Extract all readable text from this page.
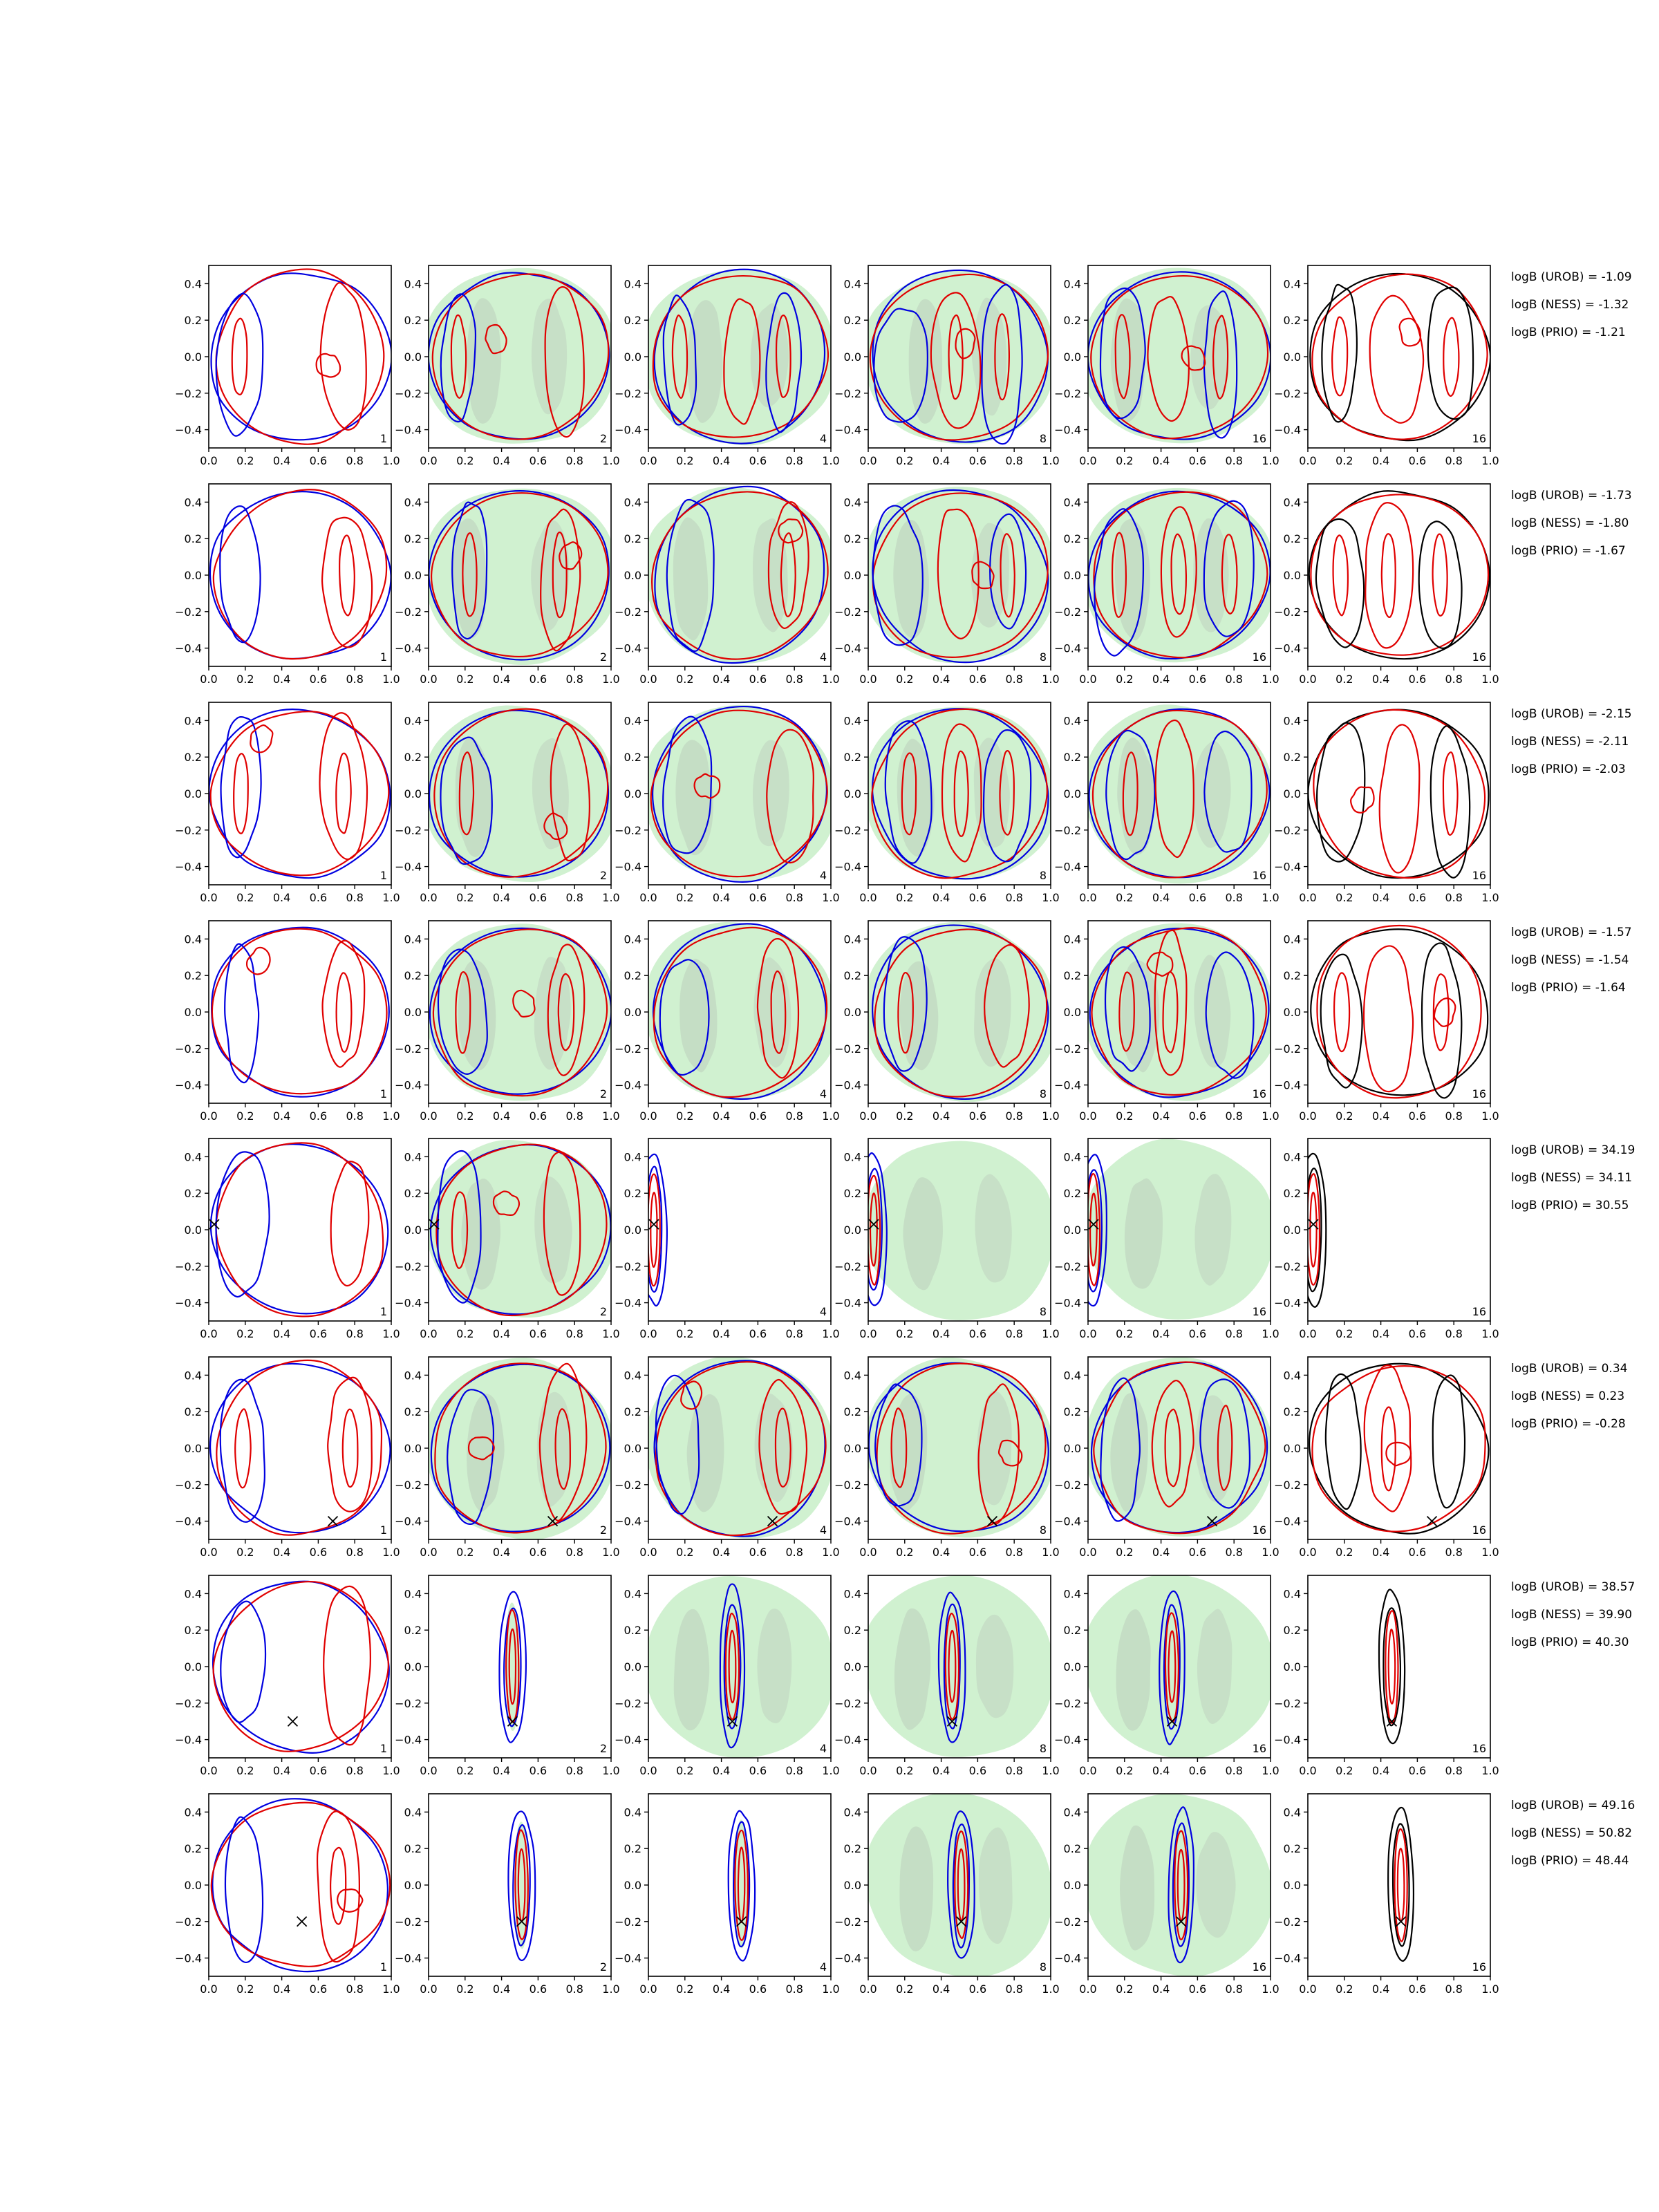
0.0 0.2 0.4 0.6 0.8 1.0
0.4
0.2
0.0
−0.2
−0.4
1
0.0 0.2 0.4 0.6 0.8 1.0
0.4
0.2
0.0
−0.2
−0.4
2
0.0 0.2 0.4 0.6 0.8 1.0
0.4
0.2
0.0
−0.2
−0.4
4
0.0 0.2 0.4 0.6 0.8 1.0
0.4
0.2
0.0
−0.2
−0.4
8
0.0 0.2 0.4 0.6 0.8 1.0
0.4
0.2
0.0
−0.2
−0.4
16
0.0 0.2 0.4 0.6 0.8 1.0
0.4
0.2
0.0
−0.2
−0.4
16
logB (UROB) = -1.09
logB (NESS) = -1.32
logB (PRIO) = -1.21
0.0 0.2 0.4 0.6 0.8 1.0
0.4
0.2
0.0
−0.2
−0.4
1
0.0 0.2 0.4 0.6 0.8 1.0
0.4
0.2
0.0
−0.2
−0.4
2
0.0 0.2 0.4 0.6 0.8 1.0
0.4
0.2
0.0
−0.2
−0.4
4
0.0 0.2 0.4 0.6 0.8 1.0
0.4
0.2
0.0
−0.2
−0.4
8
0.0 0.2 0.4 0.6 0.8 1.0
0.4
0.2
0.0
−0.2
−0.4
16
0.0 0.2 0.4 0.6 0.8 1.0
0.4
0.2
0.0
−0.2
−0.4
16
logB (UROB) = -1.73
logB (NESS) = -1.80
logB (PRIO) = -1.67
0.0 0.2 0.4 0.6 0.8 1.0
0.4
0.2
0.0
−0.2
−0.4
1
0.0 0.2 0.4 0.6 0.8 1.0
0.4
0.2
0.0
−0.2
−0.4
2
0.0 0.2 0.4 0.6 0.8 1.0
0.4
0.2
0.0
−0.2
−0.4
4
0.0 0.2 0.4 0.6 0.8 1.0
0.4
0.2
0.0
−0.2
−0.4
8
0.0 0.2 0.4 0.6 0.8 1.0
0.4
0.2
0.0
−0.2
−0.4
16
0.0 0.2 0.4 0.6 0.8 1.0
0.4
0.2
0.0
−0.2
−0.4
16
logB (UROB) = -2.15
logB (NESS) = -2.11
logB (PRIO) = -2.03
0.0 0.2 0.4 0.6 0.8 1.0
0.4
0.2
0.0
−0.2
−0.4
1
0.0 0.2 0.4 0.6 0.8 1.0
0.4
0.2
0.0
−0.2
−0.4
2
0.0 0.2 0.4 0.6 0.8 1.0
0.4
0.2
0.0
−0.2
−0.4
4
0.0 0.2 0.4 0.6 0.8 1.0
0.4
0.2
0.0
−0.2
−0.4
8
0.0 0.2 0.4 0.6 0.8 1.0
0.4
0.2
0.0
−0.2
−0.4
16
0.0 0.2 0.4 0.6 0.8 1.0
0.4
0.2
0.0
−0.2
−0.4
16
logB (UROB) = -1.57
logB (NESS) = -1.54
logB (PRIO) = -1.64
0.0 0.2 0.4 0.6 0.8 1.0
0.4
0.2
0.0
−0.2
−0.4
1
0.0 0.2 0.4 0.6 0.8 1.0
0.4
0.2
0.0
−0.2
−0.4
2
0.0 0.2 0.4 0.6 0.8 1.0
0.4
0.2
0.0
−0.2
−0.4
4
0.0 0.2 0.4 0.6 0.8 1.0
0.4
0.2
0.0
−0.2
−0.4
8
0.0 0.2 0.4 0.6 0.8 1.0
0.4
0.2
0.0
−0.2
−0.4
16
0.0 0.2 0.4 0.6 0.8 1.0
0.4
0.2
0.0
−0.2
−0.4
16
logB (UROB) = 34.19
logB (NESS) = 34.11
logB (PRIO) = 30.55
0.0 0.2 0.4 0.6 0.8 1.0
0.4
0.2
0.0
−0.2
−0.4
1
0.0 0.2 0.4 0.6 0.8 1.0
0.4
0.2
0.0
−0.2
−0.4
2
0.0 0.2 0.4 0.6 0.8 1.0
0.4
0.2
0.0
−0.2
−0.4
4
0.0 0.2 0.4 0.6 0.8 1.0
0.4
0.2
0.0
−0.2
−0.4
8
0.0 0.2 0.4 0.6 0.8 1.0
0.4
0.2
0.0
−0.2
−0.4
16
0.0 0.2 0.4 0.6 0.8 1.0
0.4
0.2
0.0
−0.2
−0.4
16
logB (UROB) = 0.34
logB (NESS) = 0.23
logB (PRIO) = -0.28
0.0 0.2 0.4 0.6 0.8 1.0
0.4
0.2
0.0
−0.2
−0.4
1
0.0 0.2 0.4 0.6 0.8 1.0
0.4
0.2
0.0
−0.2
−0.4
2
0.0 0.2 0.4 0.6 0.8 1.0
0.4
0.2
0.0
−0.2
−0.4
4
0.0 0.2 0.4 0.6 0.8 1.0
0.4
0.2
0.0
−0.2
−0.4
8
0.0 0.2 0.4 0.6 0.8 1.0
0.4
0.2
0.0
−0.2
−0.4
16
0.0 0.2 0.4 0.6 0.8 1.0
0.4
0.2
0.0
−0.2
−0.4
16
logB (UROB) = 38.57
logB (NESS) = 39.90
logB (PRIO) = 40.30
0.0 0.2 0.4 0.6 0.8 1.0
0.4
0.2
0.0
−0.2
−0.4
1
0.0 0.2 0.4 0.6 0.8 1.0
0.4
0.2
0.0
−0.2
−0.4
2
0.0 0.2 0.4 0.6 0.8 1.0
0.4
0.2
0.0
−0.2
−0.4
4
0.0 0.2 0.4 0.6 0.8 1.0
0.4
0.2
0.0
−0.2
−0.4
8
0.0 0.2 0.4 0.6 0.8 1.0
0.4
0.2
0.0
−0.2
−0.4
16
0.0 0.2 0.4 0.6 0.8 1.0
0.4
0.2
0.0
−0.2
−0.4
16
logB (UROB) = 49.16
logB (NESS) = 50.82
logB (PRIO) = 48.44
